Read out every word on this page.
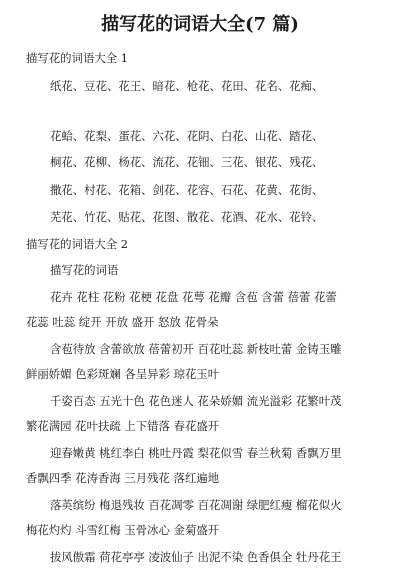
描写花的词语大全(7 篇)
描写花的词语大全 1
纸花、豆花、花王、暗花、枪花、花田、花名、花痴、
花蛤、花梨、蛋花、六花、花阴、白花、山花、踏花、
桐花、花柳、杨花、流花、花钿、三花、银花、残花、
撒花、村花、花箱、剑花、花容、石花、花黄、花街、
芜花、竹花、贴花、花图、散花、花酒、花水、花铃、
描写花的词语大全 2
描写花的词语
花卉 花柱 花粉 花梗 花盘 花萼 花瓣 含苞 含蕾 蓓蕾 花蕾
花蕊 吐蕊 绽开 开放 盛开 怒放 花骨朵
含苞待放 含蕾欲放 蓓蕾初开 百花吐蕊 新枝吐蕾 金铸玉雕
鲜丽娇媚 色彩斑斓 各呈异彩 琼花玉叶
千姿百态 五光十色 花色迷人 花朵娇媚 流光溢彩 花繁叶茂
繁花满园 花叶扶疏 上下错落 春花盛开
迎春嫩黄 桃红李白 桃吐丹霞 梨花似雪 春兰秋菊 香飘万里
香飘四季 花涛香海 三月残花 落红遍地
落英缤纷 梅退残妆 百花凋零 百花凋谢 绿肥红瘦 榴花似火
梅花灼灼 斗雪红梅 玉骨冰心 金菊盛开
拔风傲霜 荷花亭亭 凌波仙子 出泥不染 色香俱全 牡丹花王
